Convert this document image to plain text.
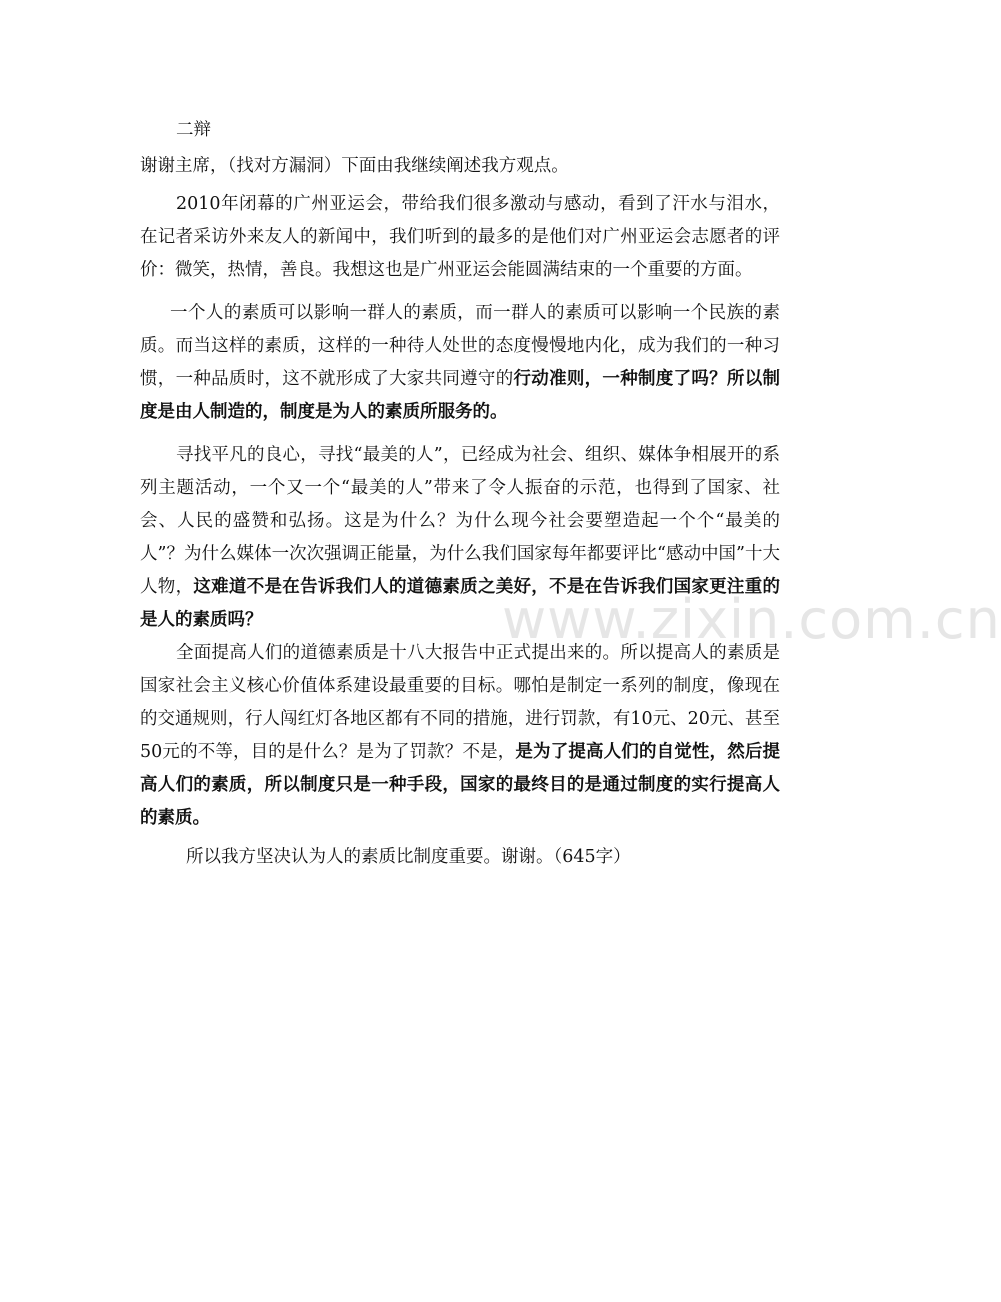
www.zixin.com.cn

二辩

谢谢主席，（找对方漏洞）下面由我继续阐述我方观点。

2010年闭幕的广州亚运会，带给我们很多激动与感动，看到了汗水与泪水，在记者采访外来友人的新闻中，我们听到的最多的是他们对广州亚运会志愿者的评价：微笑，热情，善良。我想这也是广州亚运会能圆满结束的一个重要的方面。

一个人的素质可以影响一群人的素质，而一群人的素质可以影响一个民族的素质。而当这样的素质，这样的一种待人处世的态度慢慢地内化，成为我们的一种习惯，一种品质时，这不就形成了大家共同遵守的行动准则，一种制度了吗？所以制度是由人制造的，制度是为人的素质所服务的。

寻找平凡的良心，寻找“最美的人”，已经成为社会、组织、媒体争相展开的系列主题活动，一个又一个“最美的人”带来了令人振奋的示范，也得到了国家、社会、人民的盛赞和弘扬。这是为什么？为什么现今社会要塑造起一个个“最美的人”？为什么媒体一次次强调正能量，为什么我们国家每年都要评比“感动中国”十大人物，这难道不是在告诉我们人的道德素质之美好，不是在告诉我们国家更注重的是人的素质吗？

全面提高人们的道德素质是十八大报告中正式提出来的。所以提高人的素质是国家社会主义核心价值体系建设最重要的目标。哪怕是制定一系列的制度，像现在的交通规则，行人闯红灯各地区都有不同的措施，进行罚款，有10元、20元、甚至50元的不等，目的是什么？是为了罚款？不是，是为了提高人们的自觉性，然后提高人们的素质，所以制度只是一种手段，国家的最终目的是通过制度的实行提高人的素质。

所以我方坚决认为人的素质比制度重要。谢谢。（645字）
